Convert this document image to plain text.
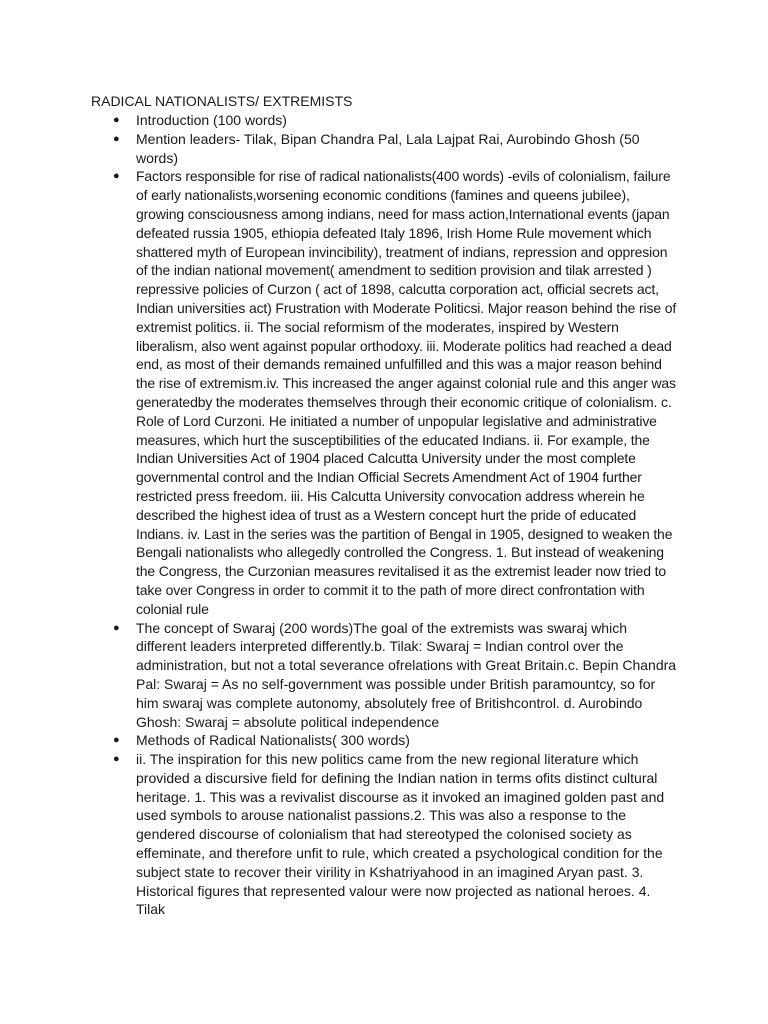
RADICAL NATIONALISTS/ EXTREMISTS
●	Introduction (100 words)
●	Mention leaders- Tilak, Bipan Chandra Pal, Lala Lajpat Rai, Aurobindo Ghosh (50 words)
●	Factors responsible for rise of radical nationalists(400 words) -evils of colonialism, failure of early nationalists,worsening economic conditions (famines and queens jubilee), growing consciousness among indians, need for mass action,International events (japan defeated russia 1905, ethiopia defeated Italy 1896, Irish Home Rule movement which shattered myth of European invincibility), treatment of indians, repression and oppresion of the indian national movement( amendment to sedition provision and tilak arrested ) repressive policies of Curzon ( act of 1898, calcutta corporation act, official secrets act, Indian universities act) Frustration with Moderate Politicsi. Major reason behind the rise of extremist politics. ii. The social reformism of the moderates, inspired by Western liberalism, also went against popular orthodoxy. iii. Moderate politics had reached a dead end, as most of their demands remained unfulfilled and this was a major reason behind the rise of extremism.iv. This increased the anger against colonial rule and this anger was generatedby the moderates themselves through their economic critique of colonialism. c. Role of Lord Curzoni. He initiated a number of unpopular legislative and administrative measures, which hurt the susceptibilities of the educated Indians. ii. For example, the Indian Universities Act of 1904 placed Calcutta University under the most complete governmental control and the Indian Official Secrets Amendment Act of 1904 further restricted press freedom. iii. His Calcutta University convocation address wherein he described the highest idea of trust as a Western concept hurt the pride of educated Indians. iv. Last in the series was the partition of Bengal in 1905, designed to weaken the Bengali nationalists who allegedly controlled the Congress. 1. But instead of weakening the Congress, the Curzonian measures revitalised it as the extremist leader now tried to take over Congress in order to commit it to the path of more direct confrontation with colonial rule
●	The concept of Swaraj (200 words)The goal of the extremists was swaraj which different leaders interpreted differently.b. Tilak: Swaraj = Indian control over the administration, but not a total severance ofrelations with Great Britain.c. Bepin Chandra Pal: Swaraj = As no self-government was possible under British paramountcy, so for him swaraj was complete autonomy, absolutely free of Britishcontrol. d. Aurobindo Ghosh: Swaraj = absolute political independence
●	Methods of Radical Nationalists( 300 words)
●	ii. The inspiration for this new politics came from the new regional literature which provided a discursive field for defining the Indian nation in terms ofits distinct cultural heritage. 1. This was a revivalist discourse as it invoked an imagined golden past and used symbols to arouse nationalist passions.2. This was also a response to the gendered discourse of colonialism that had stereotyped the colonised society as effeminate, and therefore unfit to rule, which created a psychological condition for the subject state to recover their virility in Kshatriyahood in an imagined Aryan past. 3. Historical figures that represented valour were now projected as national heroes. 4. Tilak
